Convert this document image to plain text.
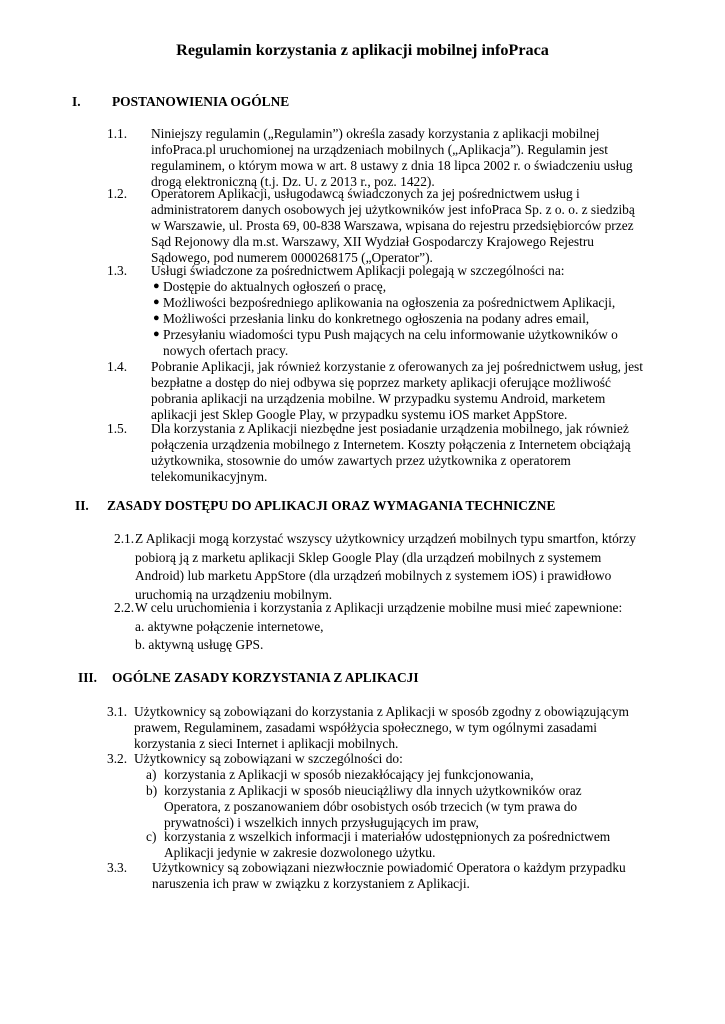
Regulamin korzystania z aplikacji mobilnej infoPraca
I. POSTANOWIENIA OGÓLNE
1.1. Niniejszy regulamin („Regulamin”) określa zasady korzystania z aplikacji mobilnej infoPraca.pl uruchomionej na urządzeniach mobilnych („Aplikacja”). Regulamin jest regulaminem, o którym mowa w art. 8 ustawy z dnia 18 lipca 2002 r. o świadczeniu usług drogą elektroniczną (t.j. Dz. U. z 2013 r., poz. 1422).
1.2. Operatorem Aplikacji, usługodawcą świadczonych za jej pośrednictwem usług i administratorem danych osobowych jej użytkowników jest infoPraca Sp. z o. o. z siedzibą w Warszawie, ul. Prosta 69, 00-838 Warszawa, wpisana do rejestru przedsiębiorców przez Sąd Rejonowy dla m.st. Warszawy, XII Wydział Gospodarczy Krajowego Rejestru Sądowego, pod numerem 0000268175 („Operator”).
1.3. Usługi świadczone za pośrednictwem Aplikacji polegają w szczególności na:
● Dostępie do aktualnych ogłoszeń o pracę,
● Możliwości bezpośredniego aplikowania na ogłoszenia za pośrednictwem Aplikacji,
● Możliwości przesłania linku do konkretnego ogłoszenia na podany adres email,
● Przesyłaniu wiadomości typu Push mających na celu informowanie użytkowników o nowych ofertach pracy.
1.4. Pobranie Aplikacji, jak również korzystanie z oferowanych za jej pośrednictwem usług, jest bezpłatne a dostęp do niej odbywa się poprzez markety aplikacji oferujące możliwość pobrania aplikacji na urządzenia mobilne. W przypadku systemu Android, marketem aplikacji jest Sklep Google Play, w przypadku systemu iOS market AppStore.
1.5. Dla korzystania z Aplikacji niezbędne jest posiadanie urządzenia mobilnego, jak również połączenia urządzenia mobilnego z Internetem. Koszty połączenia z Internetem obciążają użytkownika, stosownie do umów zawartych przez użytkownika z operatorem telekomunikacyjnym.
II. ZASADY DOSTĘPU DO APLIKACJI ORAZ WYMAGANIA TECHNICZNE
2.1. Z Aplikacji mogą korzystać wszyscy użytkownicy urządzeń mobilnych typu smartfon, którzy pobiorą ją z marketu aplikacji Sklep Google Play (dla urządzeń mobilnych z systemem Android) lub marketu AppStore (dla urządzeń mobilnych z systemem iOS) i prawidłowo uruchomią na urządzeniu mobilnym.
2.2. W celu uruchomienia i korzystania z Aplikacji urządzenie mobilne musi mieć zapewnione:
a. aktywne połączenie internetowe,
b. aktywną usługę GPS.
III. OGÓLNE ZASADY KORZYSTANIA Z APLIKACJI
3.1. Użytkownicy są zobowiązani do korzystania z Aplikacji w sposób zgodny z obowiązującym prawem, Regulaminem, zasadami współżycia społecznego, w tym ogólnymi zasadami korzystania z sieci Internet i aplikacji mobilnych.
3.2. Użytkownicy są zobowiązani w szczególności do:
a) korzystania z Aplikacji w sposób niezakłócający jej funkcjonowania,
b) korzystania z Aplikacji w sposób nieuciążliwy dla innych użytkowników oraz Operatora, z poszanowaniem dóbr osobistych osób trzecich (w tym prawa do prywatności) i wszelkich innych przysługujących im praw,
c) korzystania z wszelkich informacji i materiałów udostępnionych za pośrednictwem Aplikacji jedynie w zakresie dozwolonego użytku.
3.3. Użytkownicy są zobowiązani niezwłocznie powiadomić Operatora o każdym przypadku naruszenia ich praw w związku z korzystaniem z Aplikacji.
